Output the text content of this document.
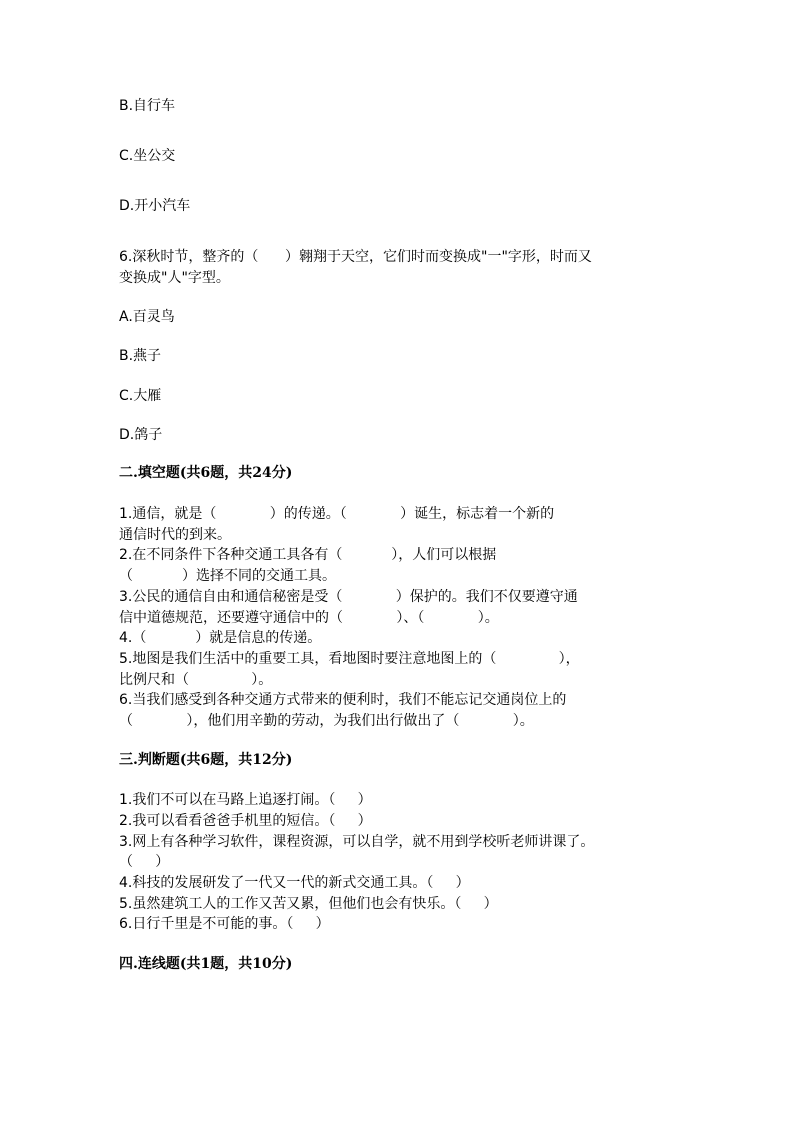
B.自行车
C.坐公交
D.开小汽车
6.深秋时节，整齐的（      ）翱翔于天空，它们时而变换成"一"字形，时而又
变换成"人"字型。
A.百灵鸟
B.燕子
C.大雁
D.鸽子
二.填空题(共6题，共24分)
1.通信，就是（            ）的传递。（            ）诞生，标志着一个新的
通信时代的到来。
2.在不同条件下各种交通工具各有（           ），人们可以根据
（           ）选择不同的交通工具。
3.公民的通信自由和通信秘密是受（            ）保护的。我们不仅要遵守通
信中道德规范，还要遵守通信中的（            ）、（            ）。
4.（           ）就是信息的传递。
5.地图是我们生活中的重要工具，看地图时要注意地图上的（              ），
比例尺和（              ）。
6.当我们感受到各种交通方式带来的便利时，我们不能忘记交通岗位上的
（            ），他们用辛勤的劳动，为我们出行做出了（            ）。
三.判断题(共6题，共12分)
1.我们不可以在马路上追逐打闹。（     ）
2.我可以看看爸爸手机里的短信。（     ）
3.网上有各种学习软件，课程资源，可以自学，就不用到学校听老师讲课了。
（     ）
4.科技的发展研发了一代又一代的新式交通工具。（     ）
5.虽然建筑工人的工作又苦又累，但他们也会有快乐。（     ）
6.日行千里是不可能的事。（     ）
四.连线题(共1题，共10分)
